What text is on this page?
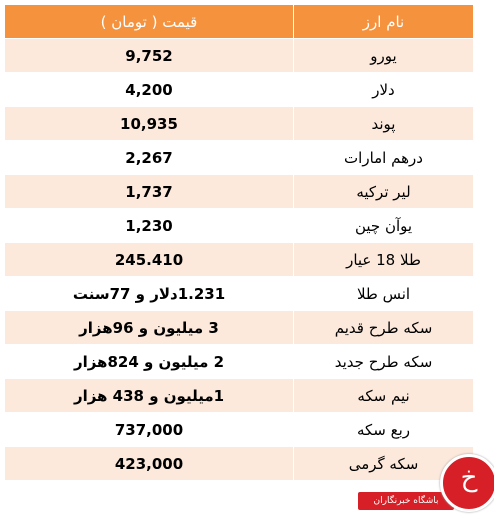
نام ارز	قیمت ( تومان )
یورو	9,752
دلار	4,200
پوند	10,935
درهم امارات	2,267
لیر ترکیه	1,737
یوآن چین	1,230
طلا 18 عیار	245.410
انس طلا	1.231دلار و 77سنت
سکه طرح قدیم	3 میلیون و 96هزار
سکه طرح جدید	2 میلیون و 824هزار
نیم سکه	1میلیون و 438 هزار
ربع سکه	737,000
سکه گرمی	423,000
باشگاه خبرنگاران
خ
